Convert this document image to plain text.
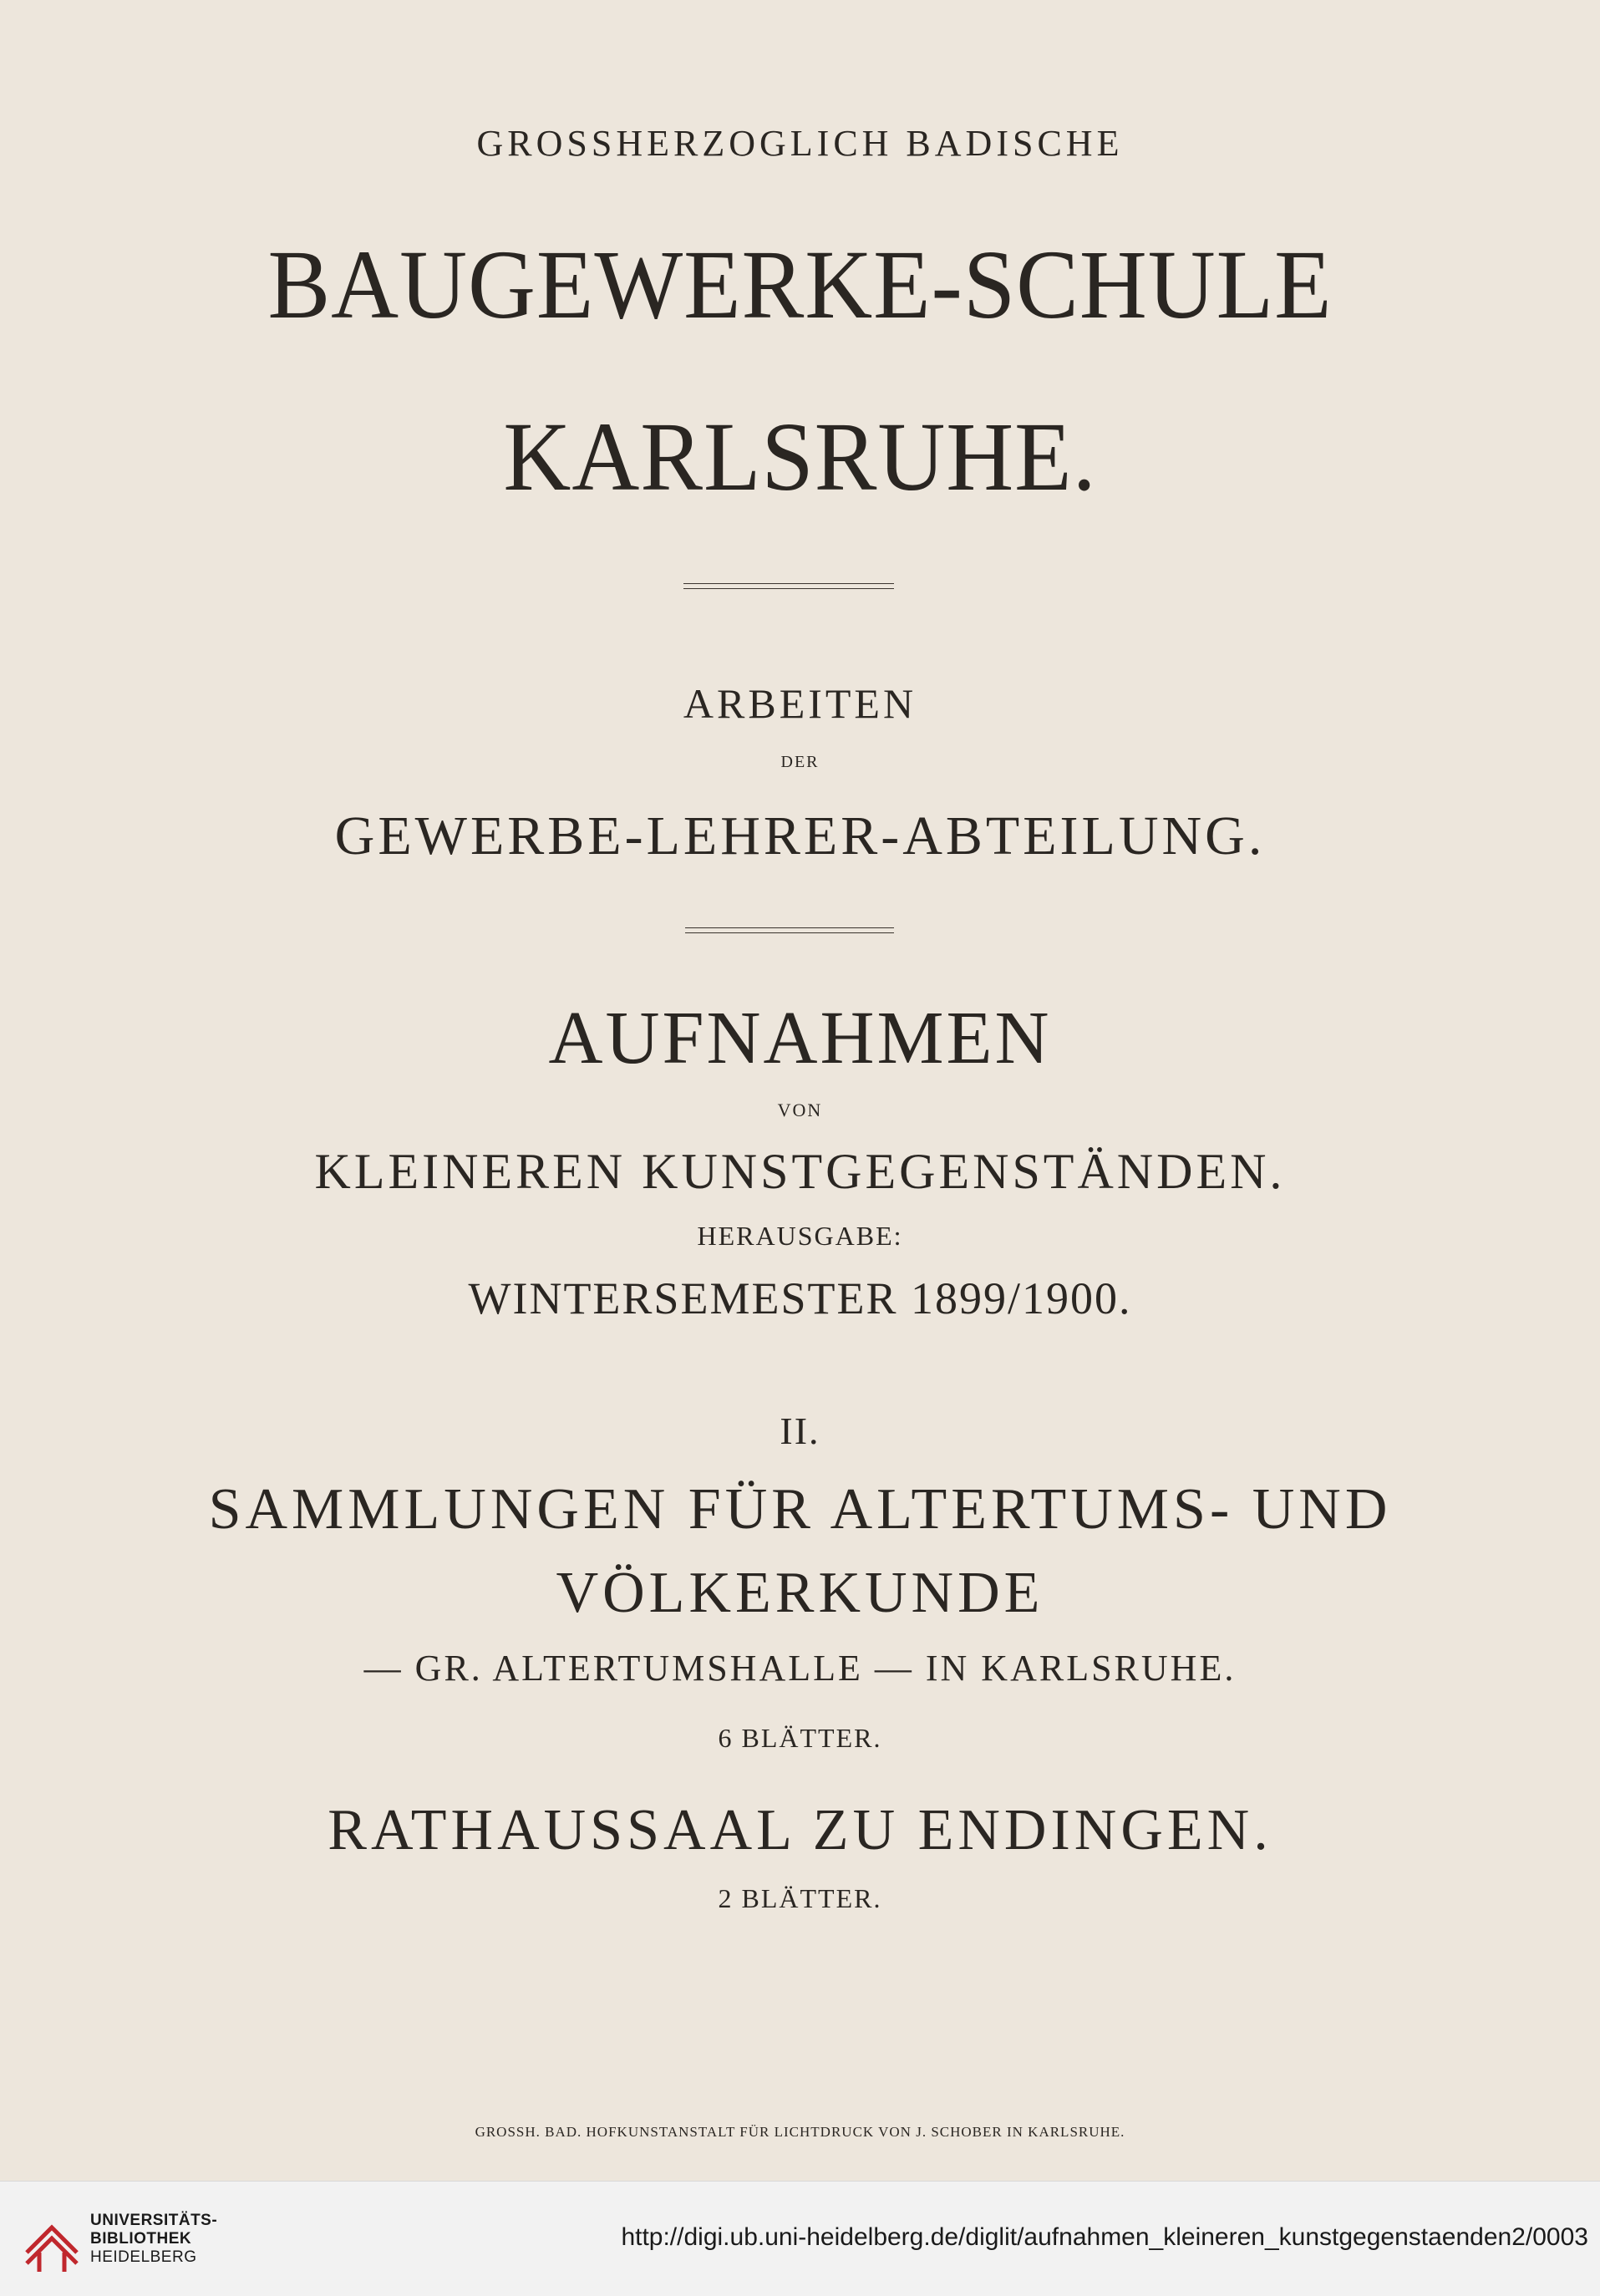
GROSSHERZOGLICH BADISCHE
BAUGEWERKE-SCHULE
KARLSRUHE.
ARBEITEN
DER
GEWERBE-LEHRER-ABTEILUNG.
AUFNAHMEN
VON
KLEINEREN KUNSTGEGENSTÄNDEN.
HERAUSGABE:
WINTERSEMESTER 1899/1900.
II.
SAMMLUNGEN FÜR ALTERTUMS- UND
VÖLKERKUNDE
— GR. ALTERTUMSHALLE — IN KARLSRUHE.
6 BLÄTTER.
RATHAUSSAAL ZU ENDINGEN.
2 BLÄTTER.
GROSSH. BAD. HOFKUNSTANSTALT FÜR LICHTDRUCK VON J. SCHOBER IN KARLSRUHE.
UNIVERSITÄTS-
BIBLIOTHEK
HEIDELBERG
http://digi.ub.uni-heidelberg.de/diglit/aufnahmen_kleineren_kunstgegenstaenden2/0003
